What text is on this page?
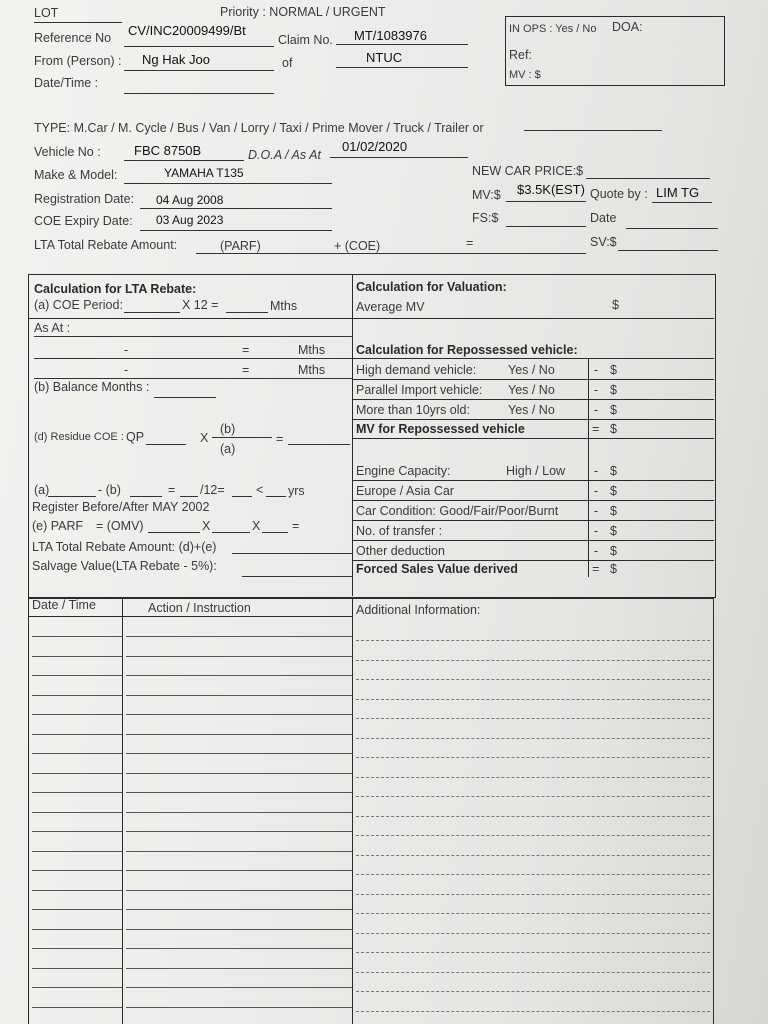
LOT	Priority : NORMAL / URGENT
Reference No CV/INC20009499/Bt
Claim No. MT/1083976
From (Person) : Ng Hak Joo	of	NTUC
Date/Time :
IN OPS : Yes / No DOA:
Ref:
MV : $
TYPE: M.Car / M. Cycle / Bus / Van / Lorry / Taxi / Prime Mover / Truck / Trailer or
Vehicle No :	FBC 8750B	D.O.A / As At
01/02/2020
Make & Model:	YAMAHA T135	NEW CAR PRICE:$
Registration Date: 04 Aug 2008	MV:$ $3.5K(EST) Quote by : LIM TG
COE Expiry Date: 03 Aug 2023	FS:$	Date
LTA Total Rebate Amount:	(PARF)	+ (COE)	=	SV:$
Calculation for LTA Rebate:
(a) COE Period:	X 12 =	Mths
As At :
-	=	Mths
-	=	Mths
(b) Balance Months :
(d) Residue COE : QP	X
(b)
(a)
=
(a)	- (b)	= /12=	< yrs
Register Before/After MAY 2002
(e) PARF = (OMV)	X	X	=
LTA Total Rebate Amount: (d)+(e)
Salvage Value(LTA Rebate - 5%):
Calculation for Valuation:
Average MV	$
Calculation for Repossessed vehicle:
High demand vehicle:	Yes / No	- $
Parallel Import vehicle: Yes / No	- $
More than 10yrs old:	Yes / No	- $
MV for Repossessed vehicle	= $
Engine Capacity:	High / Low - $
Europe / Asia Car	- $
Car Condition: Good/Fair/Poor/Burnt	- $
No. of transfer :	- $
Other deduction	- $
Forced Sales Value derived	= $
Date / Time	Action / Instruction	Additional Information:
